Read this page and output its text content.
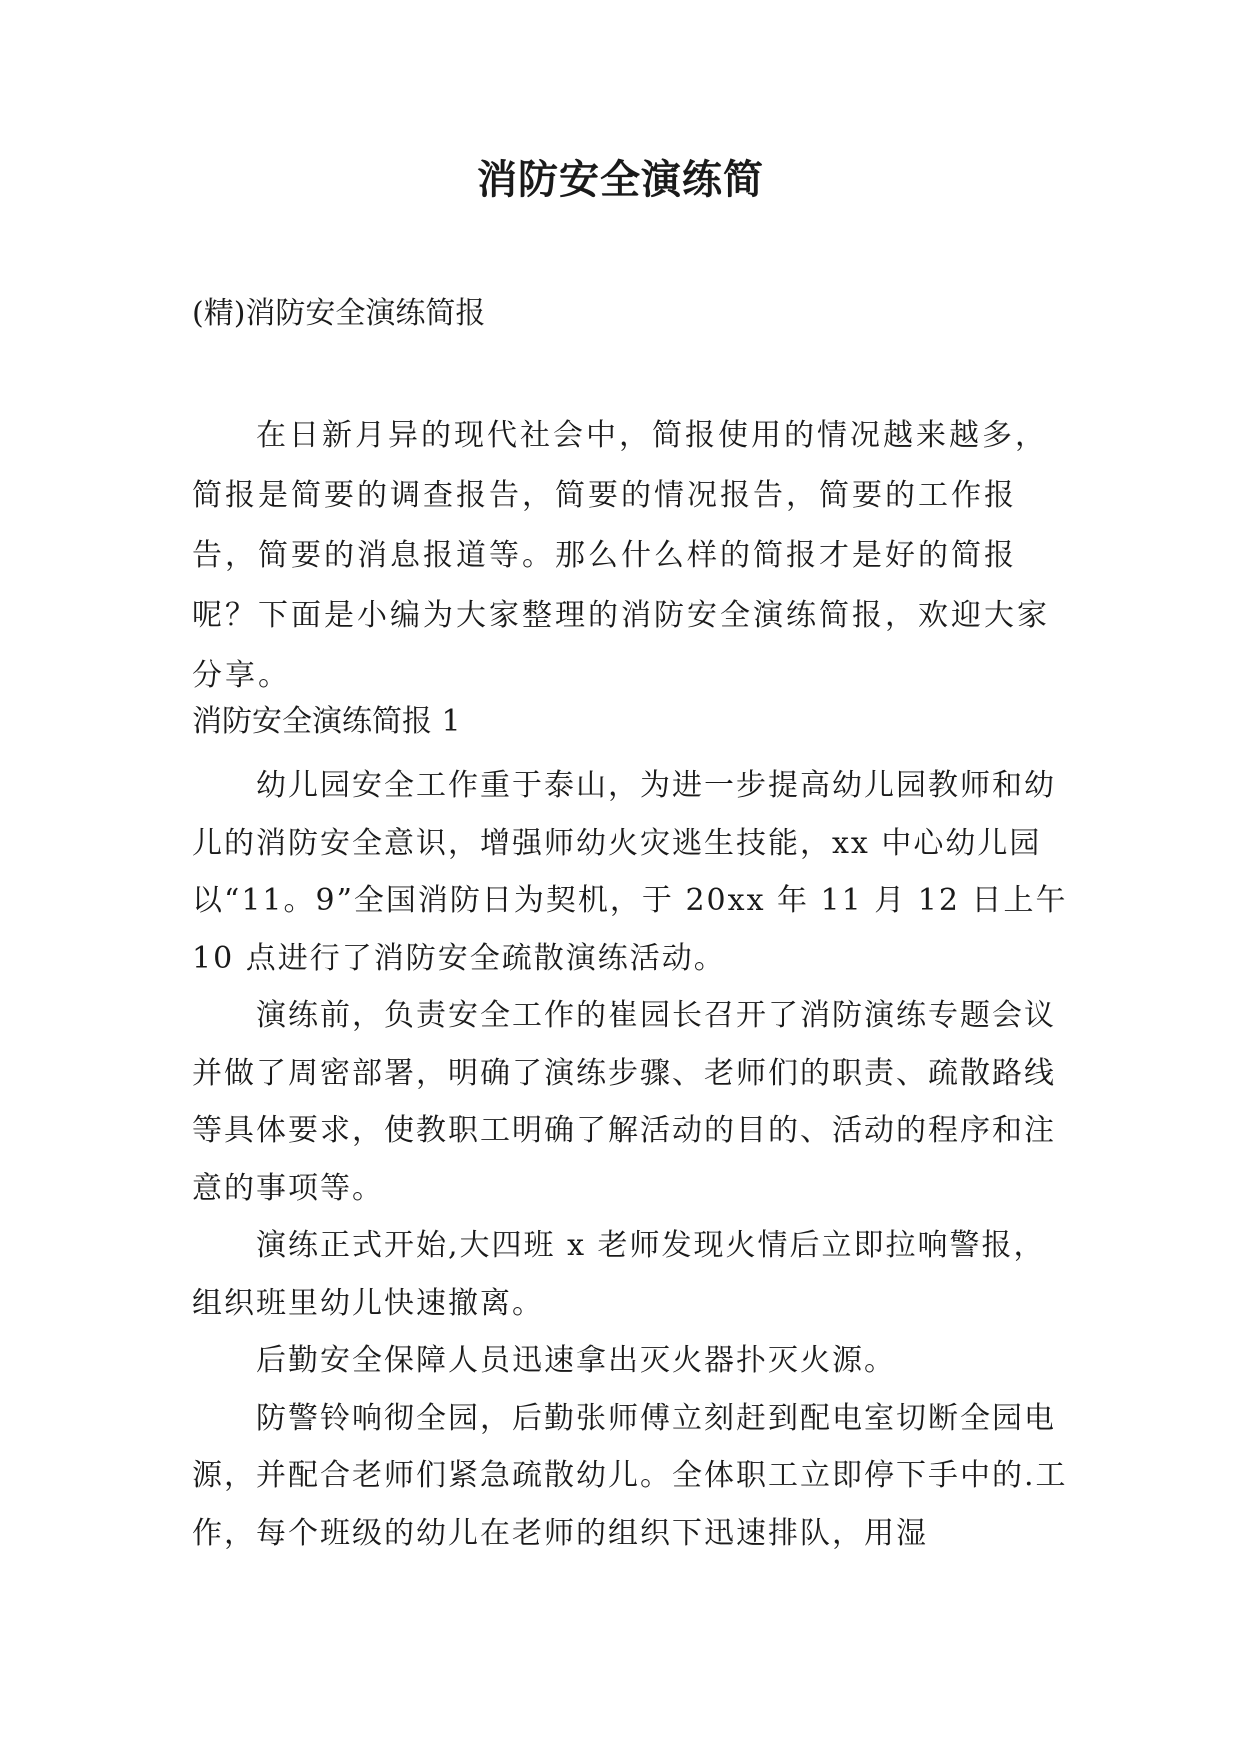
消防安全演练简

(精)消防安全演练简报

在日新月异的现代社会中，简报使用的情况越来越多，简报是简要的调查报告，简要的情况报告，简要的工作报告，简要的消息报道等。那么什么样的简报才是好的简报呢？下面是小编为大家整理的消防安全演练简报，欢迎大家分享。

消防安全演练简报 1

幼儿园安全工作重于泰山，为进一步提高幼儿园教师和幼儿的消防安全意识，增强师幼火灾逃生技能，xx 中心幼儿园以“11。9”全国消防日为契机，于 20xx 年 11 月 12 日上午 10 点进行了消防安全疏散演练活动。

演练前，负责安全工作的崔园长召开了消防演练专题会议并做了周密部署，明确了演练步骤、老师们的职责、疏散路线等具体要求，使教职工明确了解活动的目的、活动的程序和注意的事项等。

演练正式开始,大四班 x 老师发现火情后立即拉响警报，组织班里幼儿快速撤离。

后勤安全保障人员迅速拿出灭火器扑灭火源。

防警铃响彻全园，后勤张师傅立刻赶到配电室切断全园电源，并配合老师们紧急疏散幼儿。全体职工立即停下手中的.工作，每个班级的幼儿在老师的组织下迅速排队，用湿
